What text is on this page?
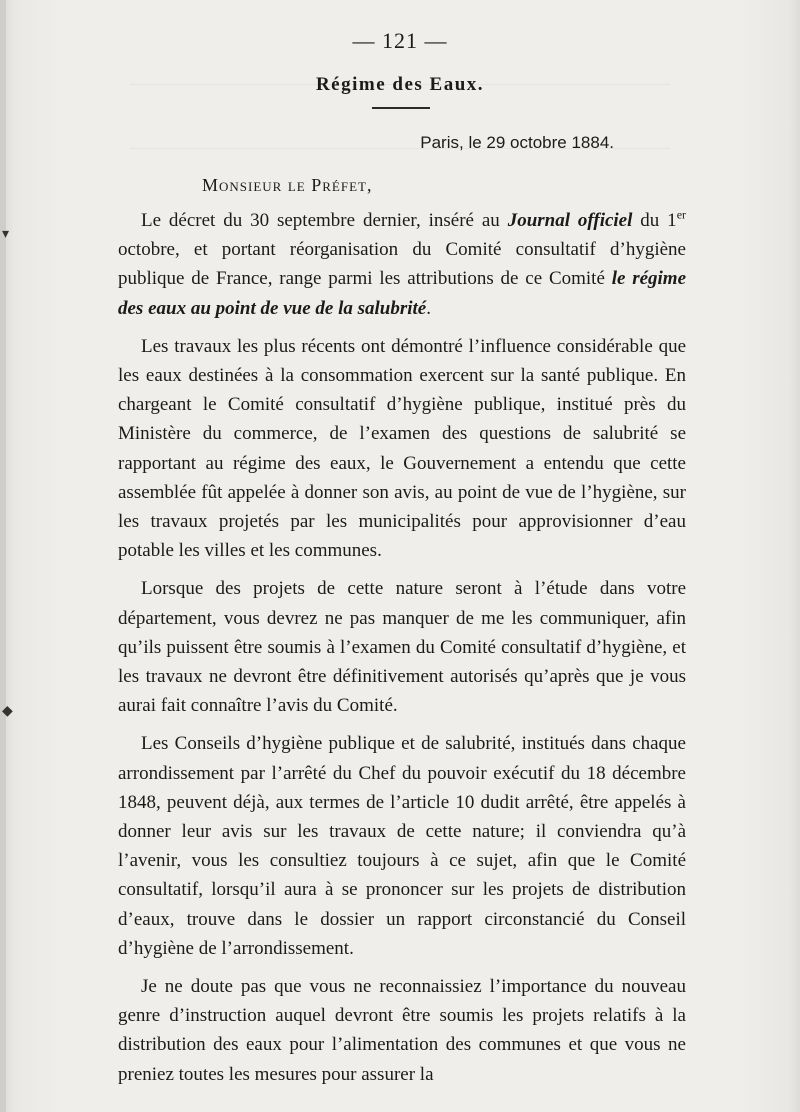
▾
◆
— 121 —
Régime des Eaux.
Paris, le 29 octobre 1884.
Monsieur le Préfet,

Le décret du 30 septembre dernier, inséré au Journal officiel du 1er octobre, et portant réorganisation du Comité consultatif d’hygiène publique de France, range parmi les attributions de ce Comité le régime des eaux au point de vue de la salubrité.

Les travaux les plus récents ont démontré l’influence considérable que les eaux destinées à la consommation exercent sur la santé publique. En chargeant le Comité consultatif d’hygiène publique, institué près du Ministère du commerce, de l’examen des questions de salubrité se rapportant au régime des eaux, le Gouvernement a entendu que cette assemblée fût appelée à donner son avis, au point de vue de l’hygiène, sur les travaux projetés par les municipalités pour approvisionner d’eau potable les villes et les communes.

Lorsque des projets de cette nature seront à l’étude dans votre département, vous devrez ne pas manquer de me les communiquer, afin qu’ils puissent être soumis à l’examen du Comité consultatif d’hygiène, et les travaux ne devront être définitivement autorisés qu’après que je vous aurai fait connaître l’avis du Comité.

Les Conseils d’hygiène publique et de salubrité, institués dans chaque arrondissement par l’arrêté du Chef du pouvoir exécutif du 18 décembre 1848, peuvent déjà, aux termes de l’article 10 dudit arrêté, être appelés à donner leur avis sur les travaux de cette nature; il conviendra qu’à l’avenir, vous les consultiez toujours à ce sujet, afin que le Comité consultatif, lorsqu’il aura à se prononcer sur les projets de distribution d’eaux, trouve dans le dossier un rapport circonstancié du Conseil d’hygiène de l’arrondissement.

Je ne doute pas que vous ne reconnaissiez l’importance du nouveau genre d’instruction auquel devront être soumis les projets relatifs à la distribution des eaux pour l’alimentation des communes et que vous ne preniez toutes les mesures pour assurer la
